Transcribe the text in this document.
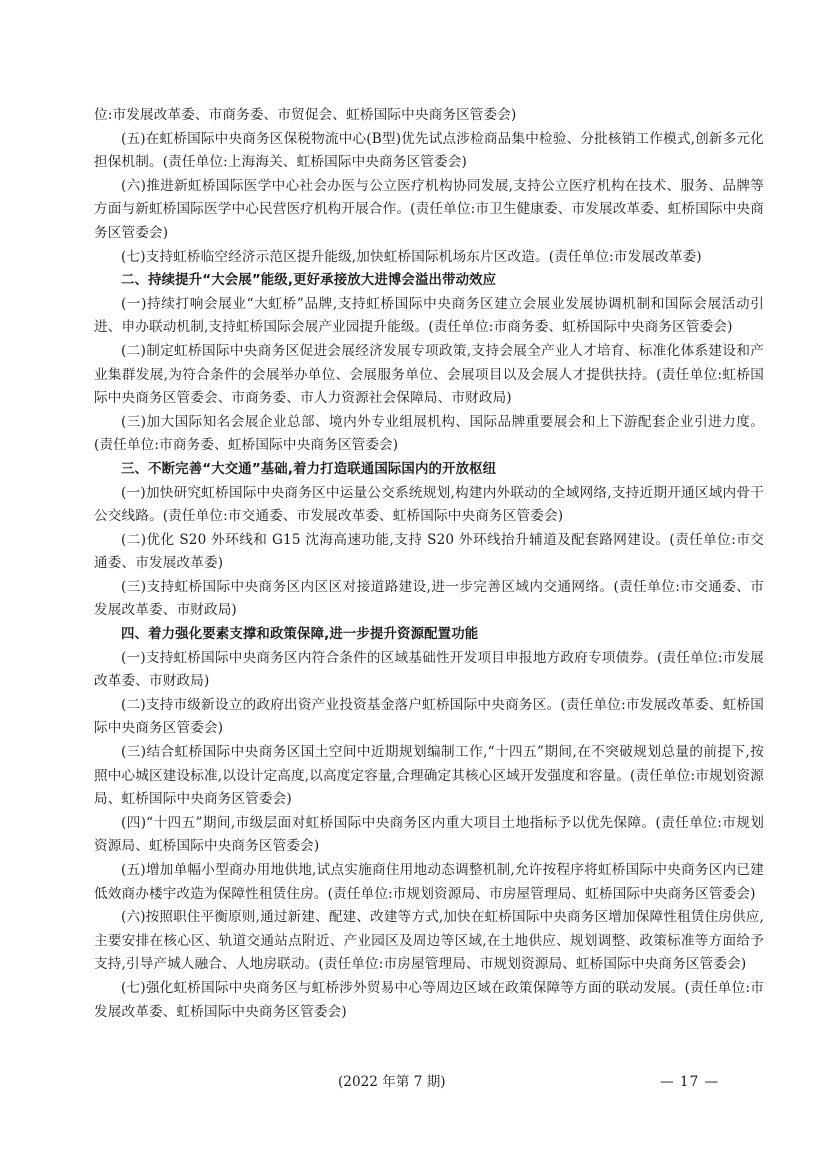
位:市发展改革委、市商务委、市贸促会、虹桥国际中央商务区管委会)

(五)在虹桥国际中央商务区保税物流中心(B型)优先试点涉检商品集中检验、分批核销工作模式,创新多元化担保机制。(责任单位:上海海关、虹桥国际中央商务区管委会)

(六)推进新虹桥国际医学中心社会办医与公立医疗机构协同发展,支持公立医疗机构在技术、服务、品牌等方面与新虹桥国际医学中心民营医疗机构开展合作。(责任单位:市卫生健康委、市发展改革委、虹桥国际中央商务区管委会)

(七)支持虹桥临空经济示范区提升能级,加快虹桥国际机场东片区改造。(责任单位:市发展改革委)

二、持续提升“大会展”能级,更好承接放大进博会溢出带动效应

(一)持续打响会展业“大虹桥”品牌,支持虹桥国际中央商务区建立会展业发展协调机制和国际会展活动引进、申办联动机制,支持虹桥国际会展产业园提升能级。(责任单位:市商务委、虹桥国际中央商务区管委会)

(二)制定虹桥国际中央商务区促进会展经济发展专项政策,支持会展全产业人才培育、标准化体系建设和产业集群发展,为符合条件的会展举办单位、会展服务单位、会展项目以及会展人才提供扶持。(责任单位:虹桥国际中央商务区管委会、市商务委、市人力资源社会保障局、市财政局)

(三)加大国际知名会展企业总部、境内外专业组展机构、国际品牌重要展会和上下游配套企业引进力度。(责任单位:市商务委、虹桥国际中央商务区管委会)

三、不断完善“大交通”基础,着力打造联通国际国内的开放枢纽

(一)加快研究虹桥国际中央商务区中运量公交系统规划,构建内外联动的全域网络,支持近期开通区域内骨干公交线路。(责任单位:市交通委、市发展改革委、虹桥国际中央商务区管委会)

(二)优化 S20 外环线和 G15 沈海高速功能,支持 S20 外环线抬升辅道及配套路网建设。(责任单位:市交通委、市发展改革委)

(三)支持虹桥国际中央商务区内区区对接道路建设,进一步完善区域内交通网络。(责任单位:市交通委、市发展改革委、市财政局)

四、着力强化要素支撑和政策保障,进一步提升资源配置功能

(一)支持虹桥国际中央商务区内符合条件的区域基础性开发项目申报地方政府专项债券。(责任单位:市发展改革委、市财政局)

(二)支持市级新设立的政府出资产业投资基金落户虹桥国际中央商务区。(责任单位:市发展改革委、虹桥国际中央商务区管委会)

(三)结合虹桥国际中央商务区国土空间中近期规划编制工作,“十四五”期间,在不突破规划总量的前提下,按照中心城区建设标准,以设计定高度,以高度定容量,合理确定其核心区域开发强度和容量。(责任单位:市规划资源局、虹桥国际中央商务区管委会)

(四)“十四五”期间,市级层面对虹桥国际中央商务区内重大项目土地指标予以优先保障。(责任单位:市规划资源局、虹桥国际中央商务区管委会)

(五)增加单幅小型商办用地供地,试点实施商住用地动态调整机制,允许按程序将虹桥国际中央商务区内已建低效商办楼宇改造为保障性租赁住房。(责任单位:市规划资源局、市房屋管理局、虹桥国际中央商务区管委会)

(六)按照职住平衡原则,通过新建、配建、改建等方式,加快在虹桥国际中央商务区增加保障性租赁住房供应,主要安排在核心区、轨道交通站点附近、产业园区及周边等区域,在土地供应、规划调整、政策标准等方面给予支持,引导产城人融合、人地房联动。(责任单位:市房屋管理局、市规划资源局、虹桥国际中央商务区管委会)

(七)强化虹桥国际中央商务区与虹桥涉外贸易中心等周边区域在政策保障等方面的联动发展。(责任单位:市发展改革委、虹桥国际中央商务区管委会)

(2022 年第 7 期)	— 17 —
